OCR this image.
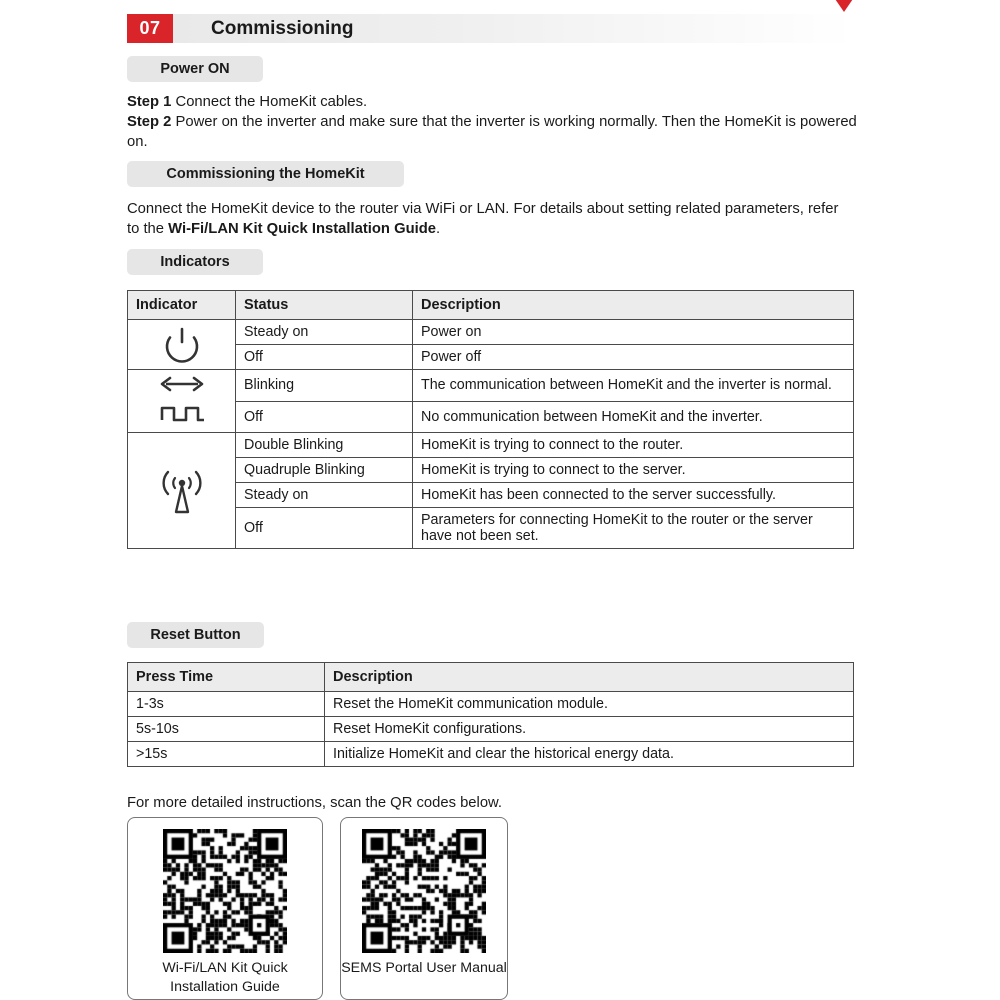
07	Commissioning
Power ON
Step 1 Connect the HomeKit cables.
Step 2 Power on the inverter and make sure that the inverter is working normally. Then the HomeKit is powered on.
Commissioning the HomeKit
Connect the HomeKit device to the router via WiFi or LAN. For details about setting related parameters, refer to the Wi-Fi/LAN Kit Quick Installation Guide.
Indicators
Indicator	Status	Description

	Steady on	Power on
	Off	Power off

	Blinking	The communication between HomeKit and the inverter is normal.
	Off	No communication between HomeKit and the inverter.

	Double Blinking	HomeKit is trying to connect to the router.
	Quadruple Blinking	HomeKit is trying to connect to the server.
	Steady on	HomeKit has been connected to the server successfully.
	Off	Parameters for connecting HomeKit to the router or the server have not been set.
Reset Button
Press Time	Description
1-3s	Reset the HomeKit communication module.
5s-10s	Reset HomeKit configurations.
>15s	Initialize HomeKit and clear the historical energy data.
For more detailed instructions, scan the QR codes below.
Wi-Fi/LAN Kit Quick Installation Guide
SEMS Portal User Manual
